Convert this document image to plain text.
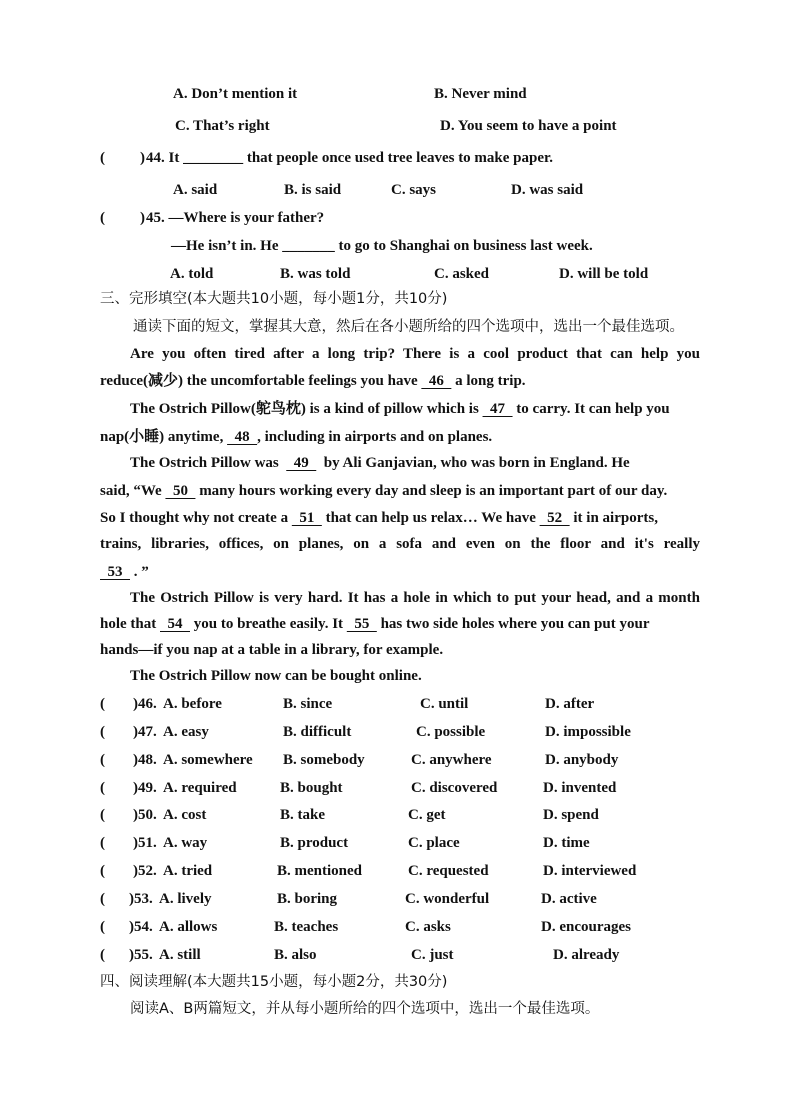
A. Don’t mention it	B. Never mind
C. That’s right	D. You seem to have a point
( ) 44. It ________ that people once used tree leaves to make paper.
A. said	B. is said	C. says	D. was said
( ) 45. —Where is your father?
—He isn’t in. He _______ to go to Shanghai on business last week.
A. told	B. was told	C. asked	D. will be told
三、完形填空(本大题共10小题，每小题1分，共10分)
通读下面的短文，掌握其大意，然后在各小题所给的四个选项中，选出一个最佳选项。
Are you often tired after a long trip? There is a cool product that can help you
reduce(减少) the uncomfortable feelings you have   46   a long trip.
The Ostrich Pillow(鸵鸟枕) is a kind of pillow which is   47   to carry. It can help you
nap(小睡) anytime,   48  , including in airports and on planes.
The Ostrich Pillow was    49    by Ali Ganjavian, who was born in England. He
said, “We   50   many hours working every day and sleep is an important part of our day.
So I thought why not create a   51   that can help us relax… We have   52   it in airports,
trains, libraries, offices, on planes, on a sofa and even on the floor and it's really
53   . ”
The Ostrich Pillow is very hard. It has a hole in which to put your head, and a month
hole that   54   you to breathe easily. It   55   has two side holes where you can put your
hands—if you nap at a table in a library, for example.
The Ostrich Pillow now can be bought online.
( )46. A. before	B. since	C. until	D. after
( )47. A. easy	B. difficult	C. possible	D. impossible
( )48. A. somewhere B. somebody	C. anywhere	D. anybody
( )49. A. required	B. bought	C. discovered	D. invented
( )50. A. cost	B. take	C. get	D. spend
( )51. A. way	B. product	C. place	D. time
( )52. A. tried	B. mentioned	C. requested	D. interviewed
( )53. A. lively	B. boring	C. wonderful	D. active
( )54. A. allows	B. teaches	C. asks	D. encourages
( )55. A. still	B. also	C. just	D. already
四、阅读理解(本大题共15小题，每小题2分，共30分)
阅读A、B两篇短文，并从每小题所给的四个选项中，选出一个最佳选项。
